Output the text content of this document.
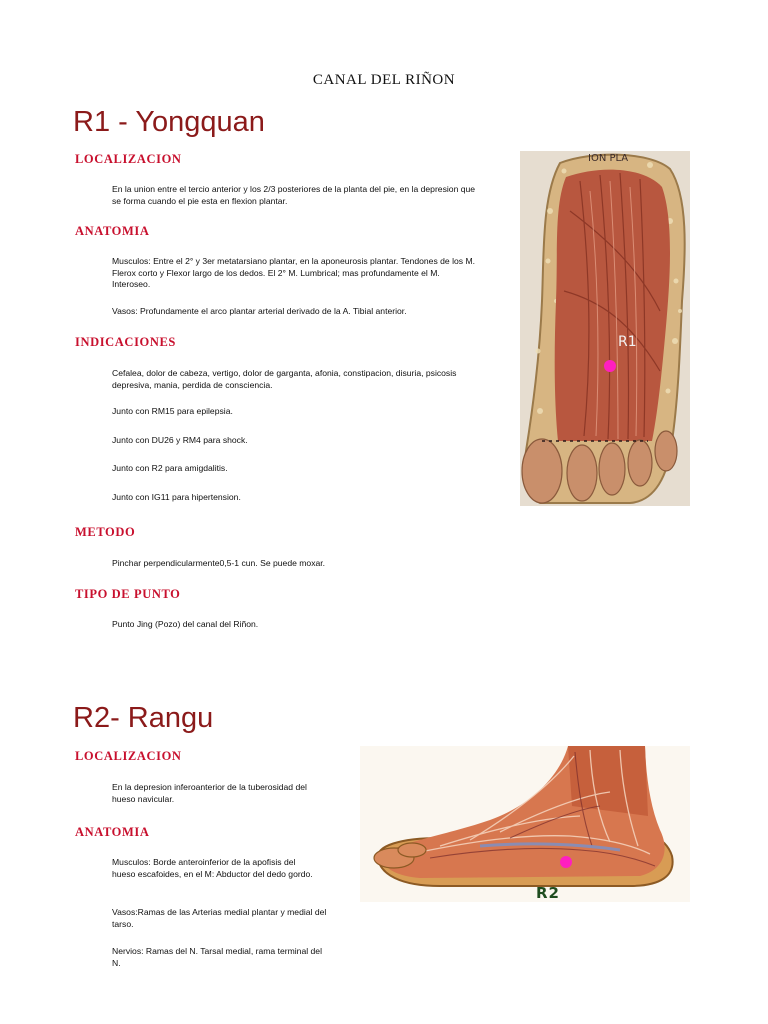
CANAL DEL RIÑON
R1 - Yongquan
LOCALIZACION
En la union entre el tercio anterior y los 2/3 posteriores de la planta del pie, en la depresion que se forma cuando el pie esta en flexion plantar.
ANATOMIA
Musculos: Entre el 2° y 3er metatarsiano plantar, en la aponeurosis plantar. Tendones de los M. Flerox corto y Flexor largo de los dedos. El 2° M. Lumbrical; mas profundamente el M. Interoseo.
Vasos: Profundamente el arco plantar arterial derivado de la A. Tibial anterior.
INDICACIONES
Cefalea, dolor de cabeza, vertigo, dolor de garganta, afonia, constipacion, disuria, psicosis depresiva, mania, perdida de consciencia.
Junto con RM15 para epilepsia.
Junto con DU26 y RM4 para shock.
Junto con R2 para amigdalitis.
Junto con IG11 para hipertension.
METODO
Pinchar perpendicularmente0,5-1 cun. Se puede moxar.
TIPO DE PUNTO
Punto Jing (Pozo) del canal del Riñon.
ION PLA
R1
R2- Rangu
LOCALIZACION
En la depresion inferoanterior de la tuberosidad del hueso navicular.
ANATOMIA
Musculos: Borde anteroinferior de la apofisis del hueso escafoides, en el M: Abductor del dedo gordo.
Vasos:Ramas de las Arterias medial plantar y medial del tarso.
Nervios: Ramas del N. Tarsal medial, rama terminal del N.
R2
